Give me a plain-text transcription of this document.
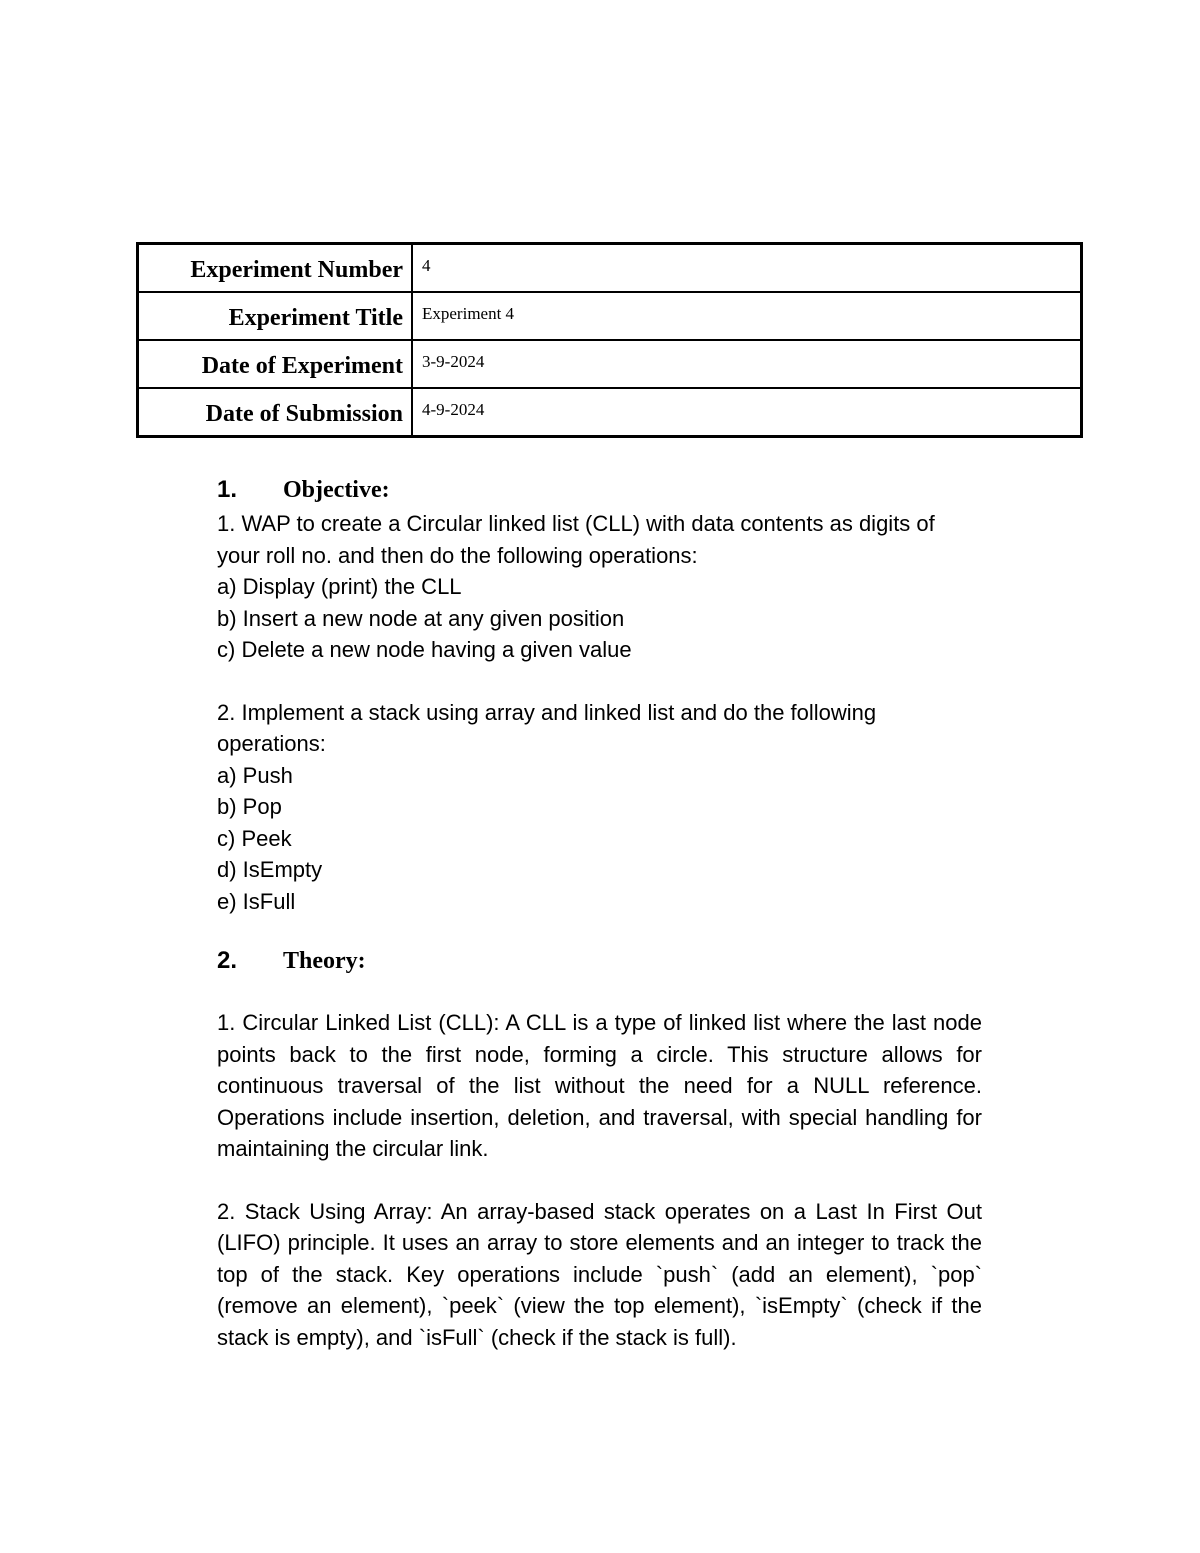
Experiment Number	4
Experiment Title	Experiment 4
Date of Experiment	3-9-2024
Date of Submission	4-9-2024
1.	Objective:
1. WAP to create a Circular linked list (CLL) with data contents as digits of
your roll no. and then do the following operations:
a) Display (print) the CLL
b) Insert a new node at any given position
c) Delete a new node having a given value
2. Implement a stack using array and linked list and do the following
operations:
a) Push
b) Pop
c) Peek
d) IsEmpty
e) IsFull
2.	Theory:

1. Circular Linked List (CLL): A CLL is a type of linked list where the last node points back to the first node, forming a circle. This structure allows for continuous traversal of the list without the need for a NULL reference. Operations include insertion, deletion, and traversal, with special handling for maintaining the circular link.

2. Stack Using Array: An array-based stack operates on a Last In First Out (LIFO) principle. It uses an array to store elements and an integer to track the top of the stack. Key operations include `push` (add an element), `pop` (remove an element), `peek` (view the top element), `isEmpty` (check if the stack is empty), and `isFull` (check if the stack is full).
